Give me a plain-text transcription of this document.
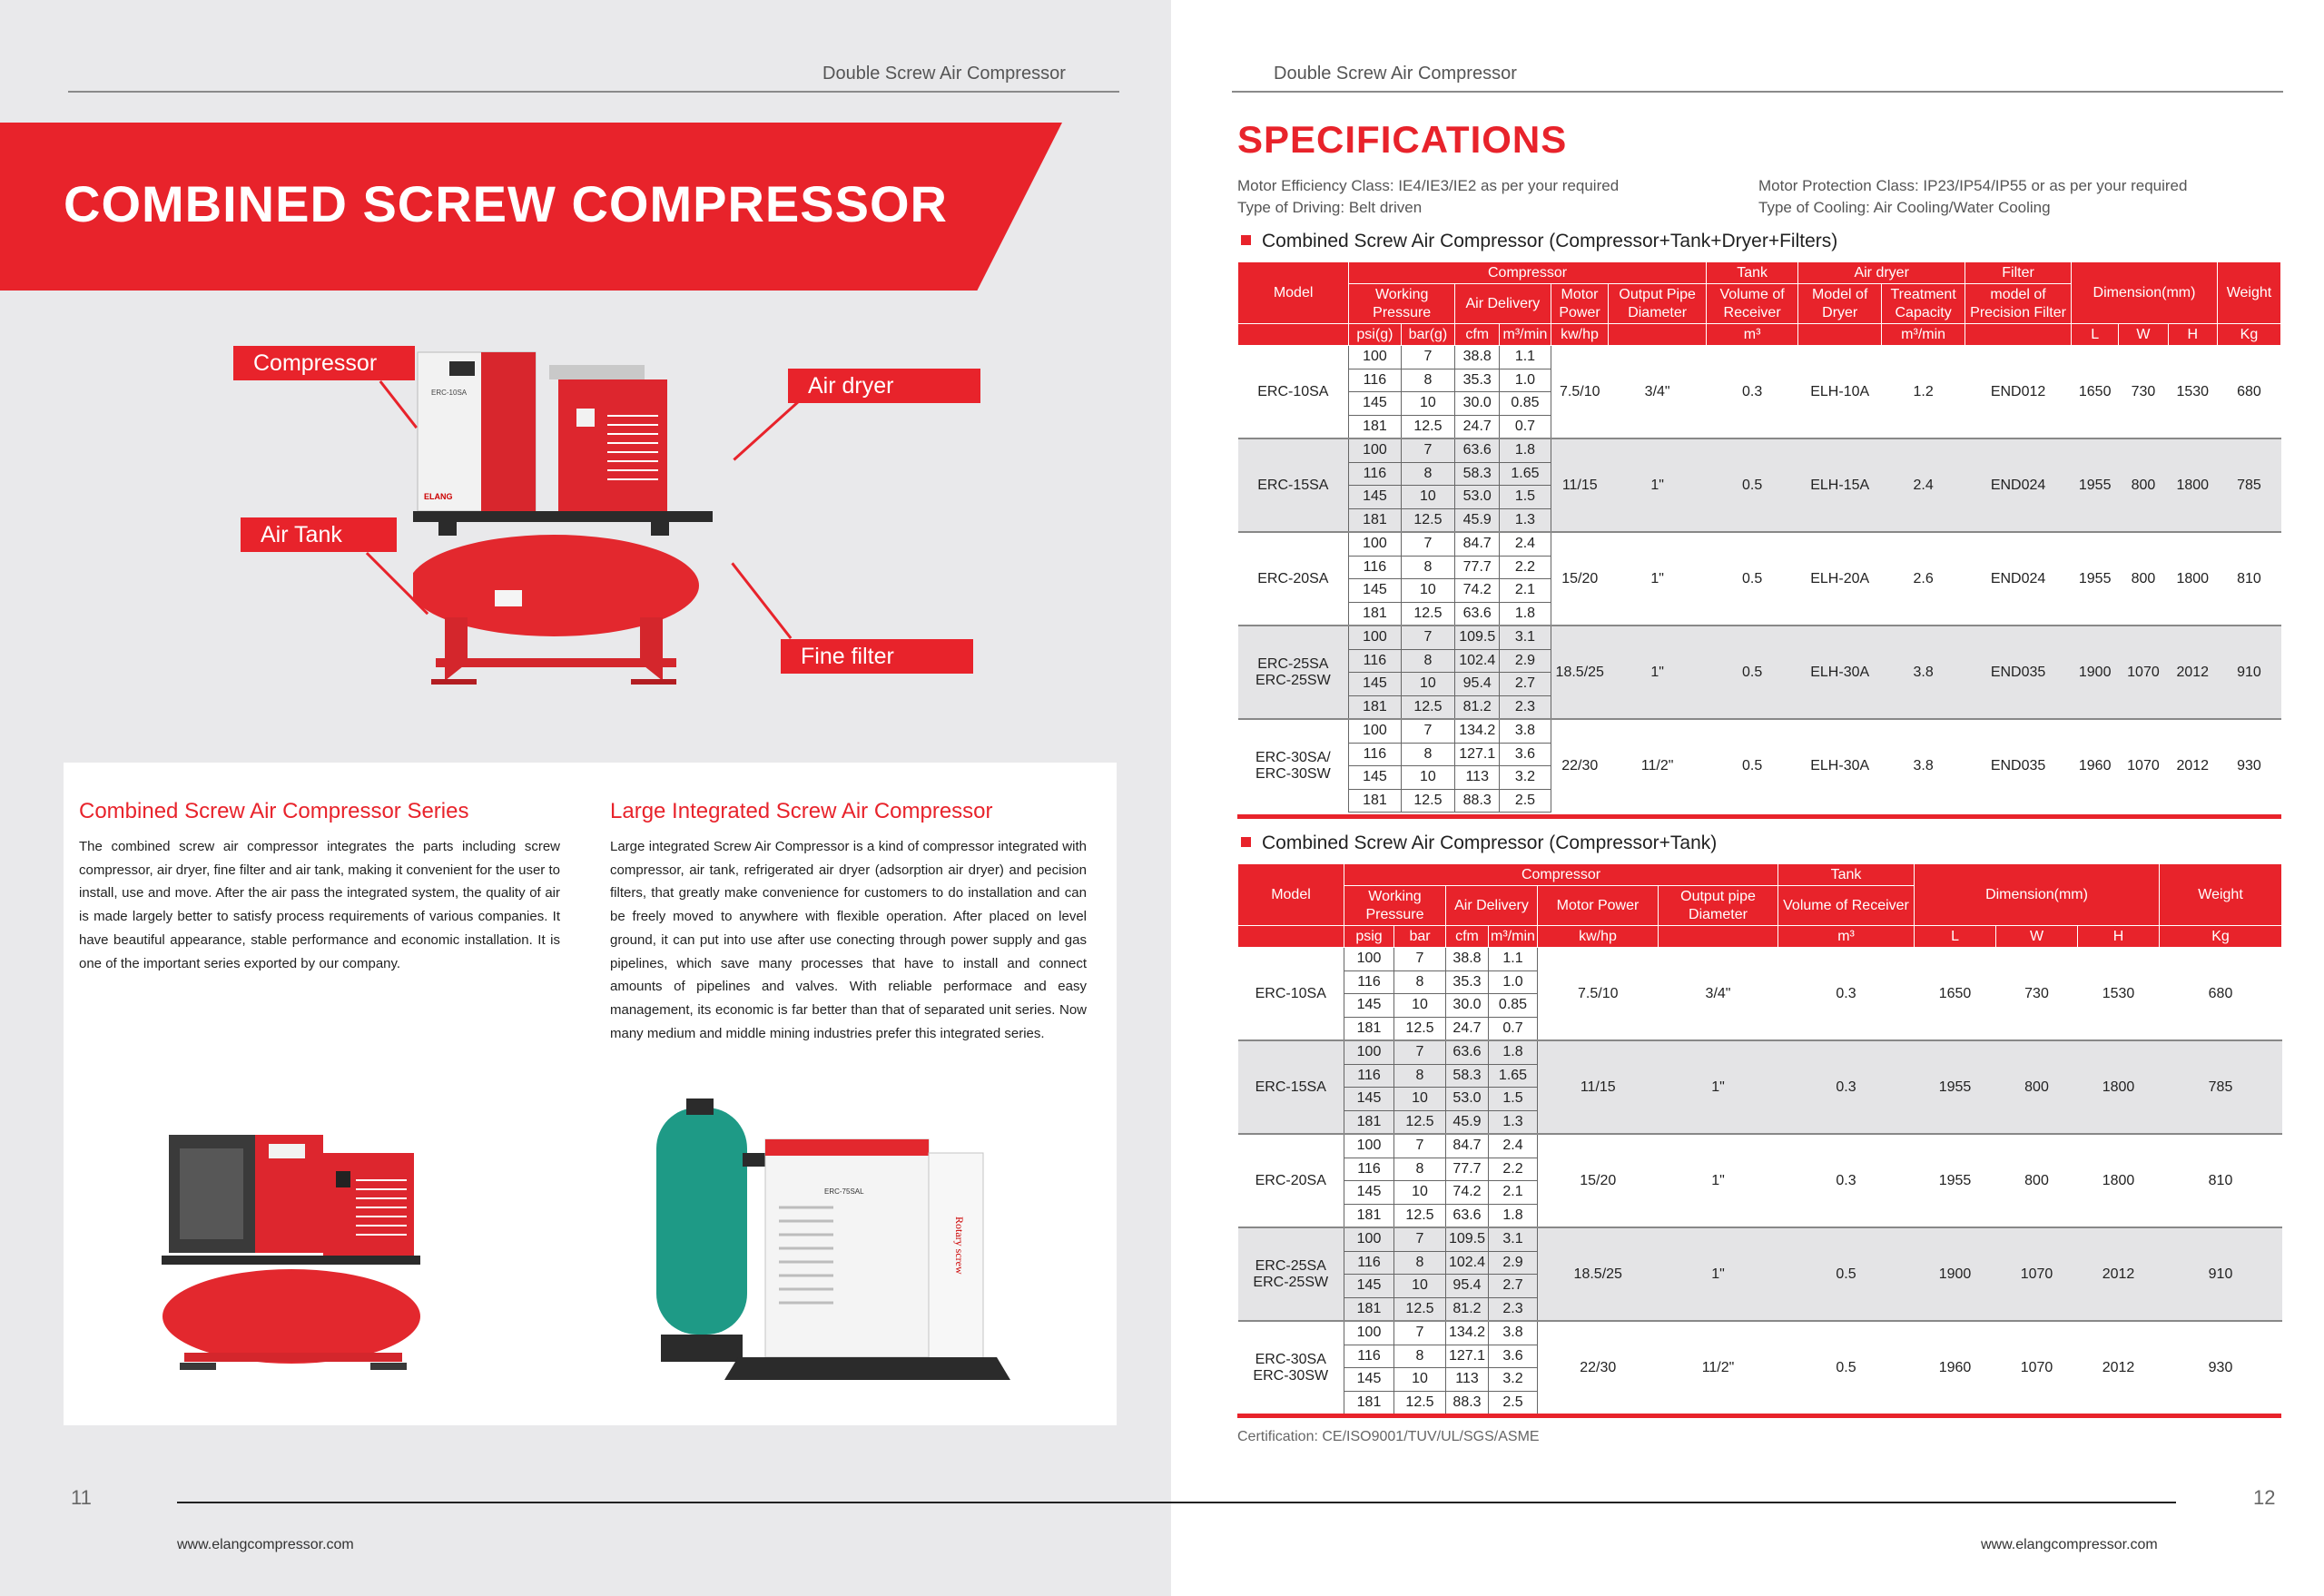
Double Screw Air Compressor
COMBINED SCREW COMPRESSOR
Compressor
Air dryer
Air Tank
Fine filter
ERC-10SA
ELANG
Combined Screw Air Compressor Series
The combined screw air compressor integrates the parts including screw compressor, air dryer, fine filter and air tank, making it convenient for the user to install, use and move. After the air pass the integrated system, the quality of air is made largely better to satisfy process requirements of various companies. It have beautiful appearance, stable performance and economic installation. It is one of the important series exported by our company.
Large Integrated Screw Air Compressor
Large integrated Screw Air Compressor is a kind of compressor integrated with compressor, air tank, refrigerated air dryer (adsorption air dryer) and pecision filters, that greatly make convenience for customers to do installation and can be freely moved to anywhere with flexible operation. After placed on level ground, it can put into use after use conecting through power supply and gas pipelines, which save many processes that have to install and connect amounts of pipelines and valves. With reliable performace and easy management, its economic is far better than that of separated unit series. Now many medium and middle mining industries prefer this integrated series.
ERC-75SAL
Rotary screw
11
www.elangcompressor.com
Double Screw Air Compressor
SPECIFICATIONS
Motor Efficiency Class: IE4/IE3/IE2 as per your required
Type of Driving: Belt driven
Motor Protection Class: IP23/IP54/IP55 or as per your required
Type of Cooling: Air Cooling/Water Cooling
Combined Screw Air Compressor (Compressor+Tank+Dryer+Filters)
Model	Compressor						Tank	Air dryer		Filter	Dimension(mm)			Weight
	Working Pressure		Air Delivery		Motor Power	Output Pipe Diameter	Volume of Receiver	Model of Dryer	Treatment Capacity	model of Precision Filter				
	psi(g)	bar(g)	cfm	m³/min	kw/hp		m³		m³/min		L	W	H	Kg

ERC-10SA	100	7	38.8	1.1	7.5/10	3/4"	0.3	ELH-10A	1.2	END012	1650	730	1530	680
	116	8	35.3	1.0										
	145	10	30.0	0.85										
	181	12.5	24.7	0.7										

ERC-15SA	100	7	63.6	1.8	11/15	1"	0.5	ELH-15A	2.4	END024	1955	800	1800	785
	116	8	58.3	1.65										
	145	10	53.0	1.5										
	181	12.5	45.9	1.3										

ERC-20SA	100	7	84.7	2.4	15/20	1"	0.5	ELH-20A	2.6	END024	1955	800	1800	810
	116	8	77.7	2.2										
	145	10	74.2	2.1										
	181	12.5	63.6	1.8										

ERC-25SA
ERC-25SW	100	7	109.5	3.1	18.5/25	1"	0.5	ELH-30A	3.8	END035	1900	1070	2012	910
	116	8	102.4	2.9										
	145	10	95.4	2.7										
	181	12.5	81.2	2.3										

ERC-30SA/
ERC-30SW	100	7	134.2	3.8	22/30	11/2"	0.5	ELH-30A	3.8	END035	1960	1070	2012	930
	116	8	127.1	3.6										
	145	10	113	3.2										
	181	12.5	88.3	2.5										
Combined Screw Air Compressor (Compressor+Tank)
Model	Compressor						Tank	Dimension(mm)			Weight
	Working Pressure		Air Delivery		Motor Power	Output pipe Diameter	Volume of Receiver				
	psig	bar	cfm	m³/min	kw/hp		m³	L	W	H	Kg

ERC-10SA	100	7	38.8	1.1	7.5/10	3/4"	0.3	1650	730	1530	680
	116	8	35.3	1.0							
	145	10	30.0	0.85							
	181	12.5	24.7	0.7							

ERC-15SA	100	7	63.6	1.8	11/15	1"	0.3	1955	800	1800	785
	116	8	58.3	1.65							
	145	10	53.0	1.5							
	181	12.5	45.9	1.3							

ERC-20SA	100	7	84.7	2.4	15/20	1"	0.3	1955	800	1800	810
	116	8	77.7	2.2							
	145	10	74.2	2.1							
	181	12.5	63.6	1.8							

ERC-25SA
ERC-25SW	100	7	109.5	3.1	18.5/25	1"	0.5	1900	1070	2012	910
	116	8	102.4	2.9							
	145	10	95.4	2.7							
	181	12.5	81.2	2.3							

ERC-30SA
ERC-30SW	100	7	134.2	3.8	22/30	11/2"	0.5	1960	1070	2012	930
	116	8	127.1	3.6							
	145	10	113	3.2							
	181	12.5	88.3	2.5							
Certification: CE/ISO9001/TUV/UL/SGS/ASME
12
www.elangcompressor.com
